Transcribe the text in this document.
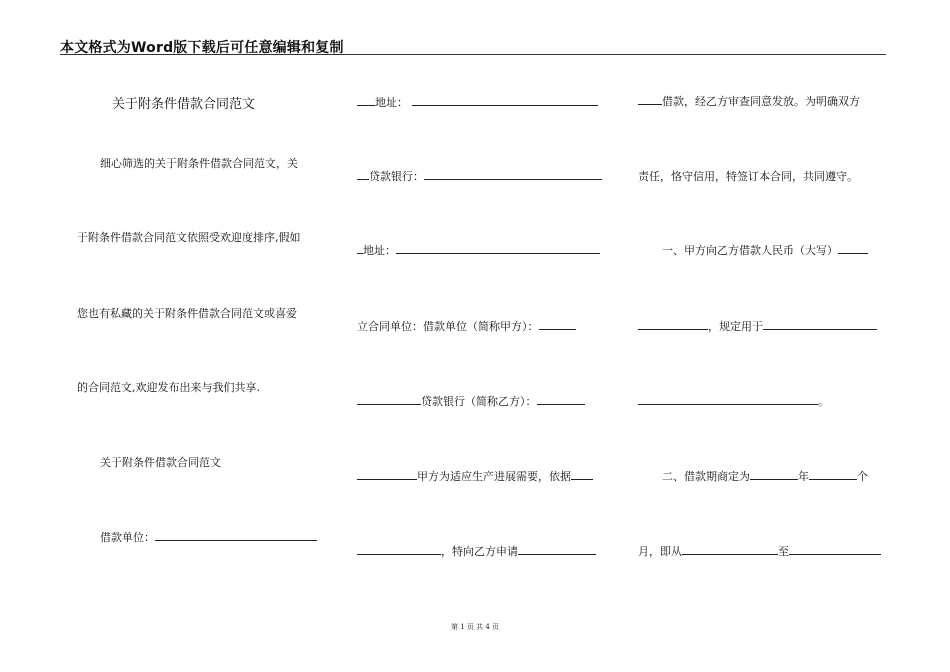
本文格式为Word版下载后可任意编辑和复制
关于附条件借款合同范文
细心筛选的关于附条件借款合同范文，关
于附条件借款合同范文依照受欢迎度排序,假如
您也有私藏的关于附条件借款合同范文或喜爱
的合同范文,欢迎发布出来与我们共享.
关于附条件借款合同范文
借款单位：
地址：
贷款银行：
地址：
立合同单位：借款单位（简称甲方）：
贷款银行（简称乙方）：
甲方为适应生产进展需要，依据
，特向乙方申请
借款，经乙方审查同意发放。为明确双方
责任，恪守信用，特签订本合同，共同遵守。
一、甲方向乙方借款人民币（大写）
，规定用于
。
二、借款期商定为	年	个
月，即从	至
第 1 页 共 4 页
